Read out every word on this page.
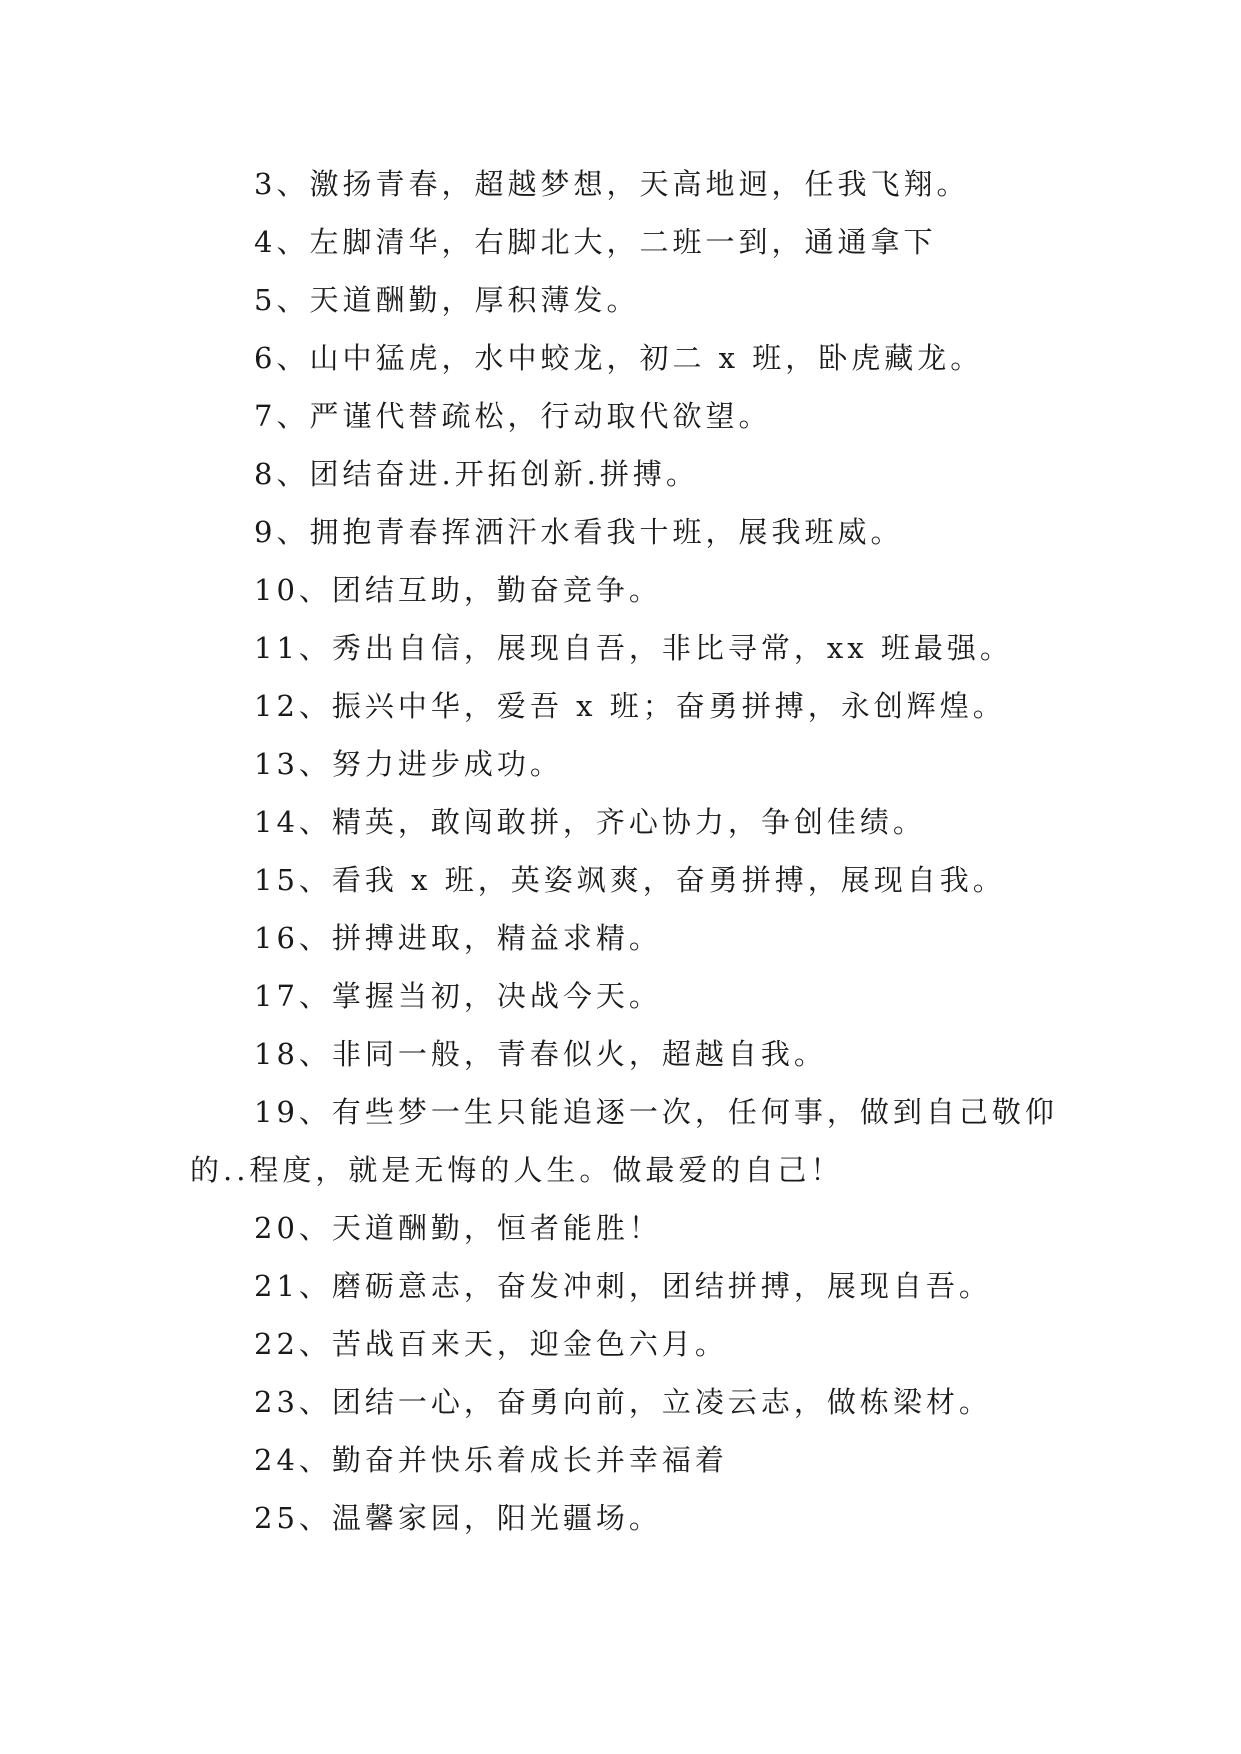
3、激扬青春，超越梦想，天高地迥，任我飞翔。
4、左脚清华，右脚北大，二班一到，通通拿下
5、天道酬勤，厚积薄发。
6、山中猛虎，水中蛟龙，初二 x 班，卧虎藏龙。
7、严谨代替疏松，行动取代欲望。
8、团结奋进.开拓创新.拼搏。
9、拥抱青春挥洒汗水看我十班，展我班威。
10、团结互助，勤奋竞争。
11、秀出自信，展现自吾，非比寻常，xx 班最强。
12、振兴中华，爱吾 x 班；奋勇拼搏，永创辉煌。
13、努力进步成功。
14、精英，敢闯敢拼，齐心协力，争创佳绩。
15、看我 x 班，英姿飒爽，奋勇拼搏，展现自我。
16、拼搏进取，精益求精。
17、掌握当初，决战今天。
18、非同一般，青春似火，超越自我。
19、有些梦一生只能追逐一次，任何事，做到自己敬仰的..程度，就是无悔的人生。做最爱的自己！
20、天道酬勤，恒者能胜！
21、磨砺意志，奋发冲刺，团结拼搏，展现自吾。
22、苦战百来天，迎金色六月。
23、团结一心，奋勇向前，立凌云志，做栋梁材。
24、勤奋并快乐着成长并幸福着
25、温馨家园，阳光疆场。
